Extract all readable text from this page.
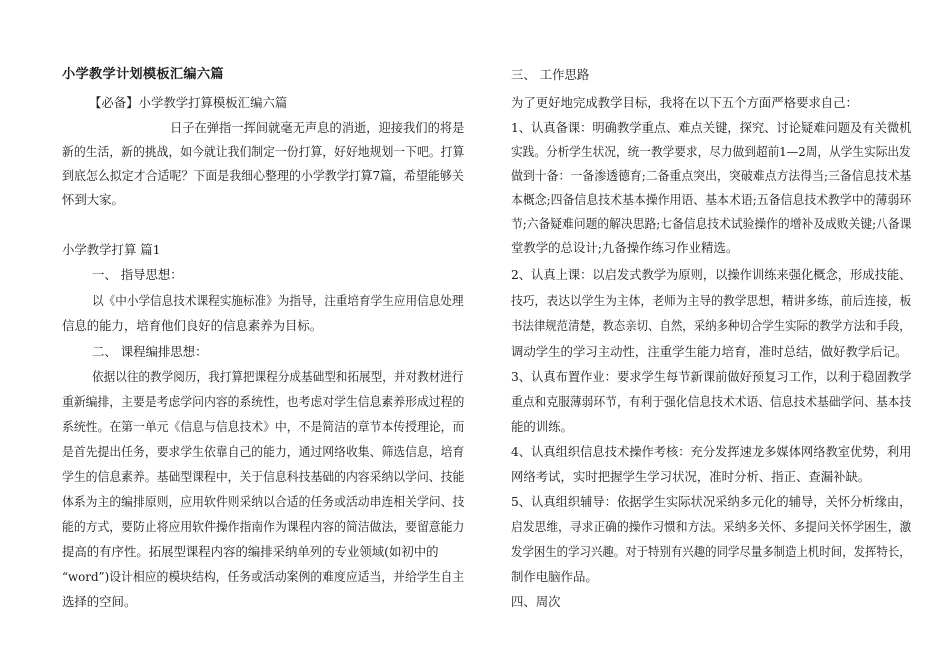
小学教学计划模板汇编六篇
【必备】小学教学打算模板汇编六篇
日子在弹指一挥间就毫无声息的消逝，迎接我们的将是
新的生活，新的挑战，如今就让我们制定一份打算，好好地规划一下吧。打算
到底怎么拟定才合适呢？下面是我细心整理的小学教学打算7篇，希望能够关
怀到大家。
小学教学打算 篇1
一、 指导思想：
以《中小学信息技术课程实施标准》为指导，注重培育学生应用信息处理
信息的能力，培育他们良好的信息素养为目标。
二、 课程编排思想：
依据以往的教学阅历，我打算把课程分成基础型和拓展型，并对教材进行
重新编排，主要是考虑学问内容的系统性，也考虑对学生信息素养形成过程的
系统性。在第一单元《信息与信息技术》中，不是简洁的章节本传授理论，而
是首先提出任务，要求学生依靠自己的能力，通过网络收集、筛选信息，培育
学生的信息素养。基础型课程中，关于信息科技基础的内容采纳以学问、技能
体系为主的编排原则，应用软件则采纳以合适的任务或活动串连相关学问、技
能的方式，要防止将应用软件操作指南作为课程内容的简洁做法，要留意能力
提高的有序性。拓展型课程内容的编排采纳单列的专业领域(如初中的
“word”)设计相应的模块结构，任务或活动案例的难度应适当，并给学生自主
选择的空间。
三、 工作思路
为了更好地完成教学目标，我将在以下五个方面严格要求自己：
1、认真备课：明确教学重点、难点关键，探究、讨论疑难问题及有关微机
实践。分析学生状况，统一教学要求，尽力做到超前1—2周，从学生实际出发
做到十备：一备渗透德育;二备重点突出，突破难点方法得当;三备信息技术基
本概念;四备信息技术基本操作用语、基本术语;五备信息技术教学中的薄弱环
节;六备疑难问题的解决思路;七备信息技术试验操作的增补及成败关键;八备课
堂教学的总设计;九备操作练习作业精选。
2、认真上课：以启发式教学为原则，以操作训练来强化概念，形成技能、
技巧，表达以学生为主体，老师为主导的教学思想，精讲多练，前后连接，板
书法律规范清楚，教态亲切、自然，采纳多种切合学生实际的教学方法和手段，
调动学生的学习主动性，注重学生能力培育，准时总结，做好教学后记。
3、认真布置作业：要求学生每节新课前做好预复习工作，以利于稳固教学
重点和克服薄弱环节，有利于强化信息技术术语、信息技术基础学问、基本技
能的训练。
4、认真组织信息技术操作考核：充分发挥速龙多媒体网络教室优势，利用
网络考试，实时把握学生学习状况，准时分析、指正、查漏补缺。
5、认真组织辅导：依据学生实际状况采纳多元化的辅导，关怀分析缘由，
启发思维，寻求正确的操作习惯和方法。采纳多关怀、多提问关怀学困生，激
发学困生的学习兴趣。对于特别有兴趣的同学尽量多制造上机时间，发挥特长，
制作电脑作品。
四、周次
